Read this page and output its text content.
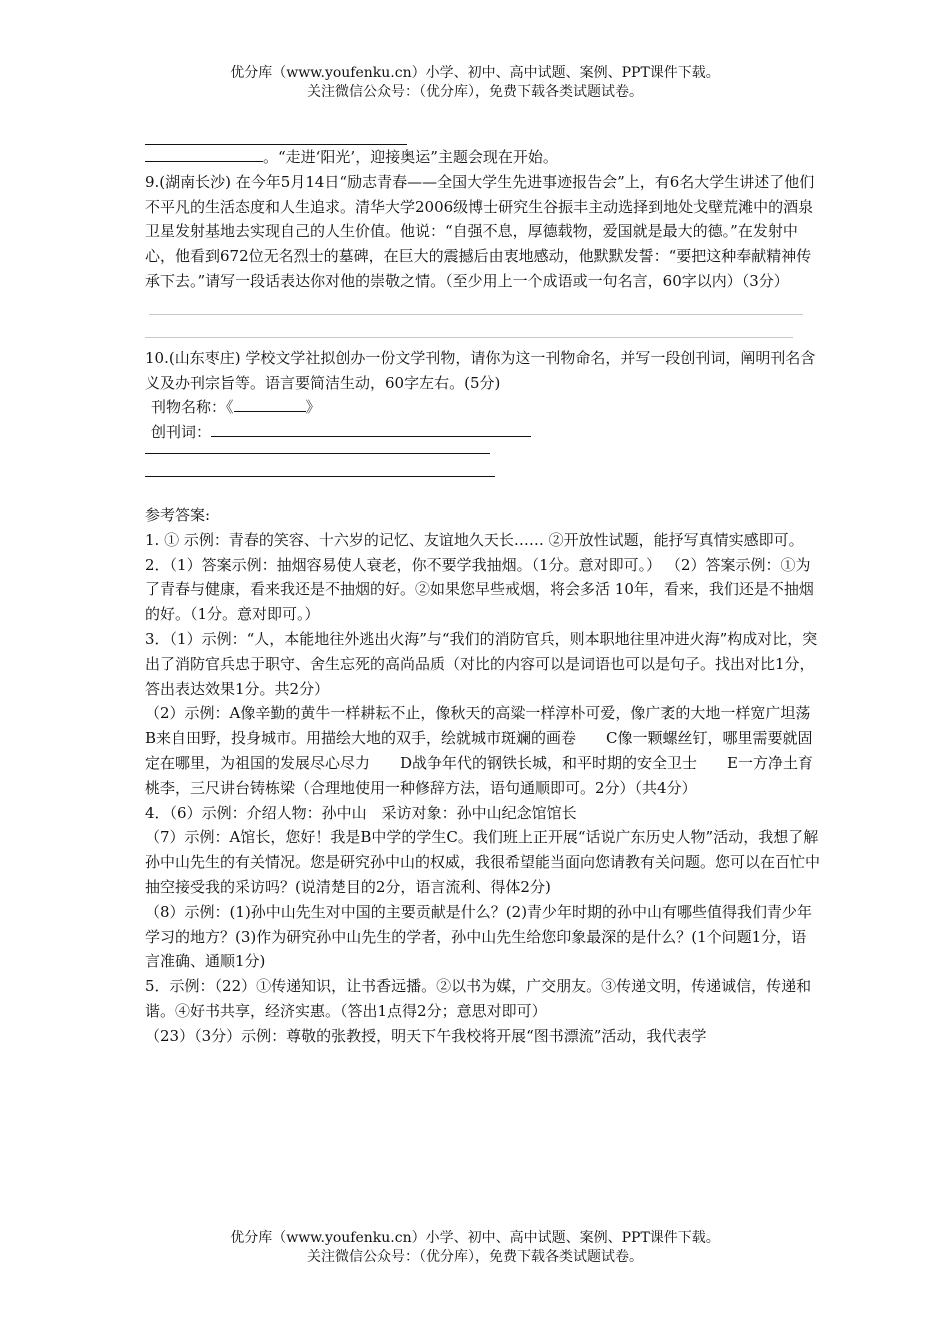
优分库（www.youfenku.cn）小学、初中、高中试题、案例、PPT课件下载。
关注微信公众号：（优分库），免费下载各类试题试卷。

。“走进‘阳光’，迎接奥运”主题会现在开始。

9.(湖南长沙) 在今年5月14日“励志青春——全国大学生先进事迹报告会”上，有6名大学生讲述了他们不平凡的生活态度和人生追求。清华大学2006级博士研究生谷振丰主动选择到地处戈壁荒滩中的酒泉卫星发射基地去实现自己的人生价值。他说：“自强不息，厚德载物，爱国就是最大的德。”在发射中心，他看到672位无名烈士的墓碑，在巨大的震撼后由衷地感动，他默默发誓：“要把这种奉献精神传承下去。”请写一段话表达你对他的崇敬之情。（至少用上一个成语或一句名言，60字以内）（3分）

10.(山东枣庄) 学校文学社拟创办一份文学刊物，请你为这一刊物命名，并写一段创刊词，阐明刊名含义及办刊宗旨等。语言要简洁生动，60字左右。(5分)

刊物名称：《	》

创刊词：

参考答案:

1. ① 示例：青春的笑容、十六岁的记忆、友谊地久天长…… ②开放性试题，能抒写真情实感即可。

2．（1）答案示例：抽烟容易使人衰老，你不要学我抽烟。（1分。意对即可。） （2）答案示例：①为了青春与健康，看来我还是不抽烟的好。②如果您早些戒烟，将会多活 10年，看来，我们还是不抽烟的好。（1分。意对即可。）

3．（1）示例：“人，本能地往外逃出火海”与“我们的消防官兵，则本职地往里冲进火海”构成对比，突出了消防官兵忠于职守、舍生忘死的高尚品质（对比的内容可以是词语也可以是句子。找出对比1分，答出表达效果1分。共2分）

（2）示例：A像辛勤的黄牛一样耕耘不止，像秋天的高粱一样淳朴可爱，像广袤的大地一样宽广坦荡

B来自田野，投身城市。用描绘大地的双手，绘就城市斑斓的画卷　　C像一颗螺丝钉，哪里需要就固定在哪里，为祖国的发展尽心尽力　　D战争年代的钢铁长城，和平时期的安全卫士　　E一方净土育桃李，三尺讲台铸栋梁（合理地使用一种修辞方法，语句通顺即可。2分）（共4分）

4．（6）示例：介绍人物：孙中山　采访对象：孙中山纪念馆馆长

（7）示例：A馆长，您好！我是B中学的学生C。我们班上正开展“话说广东历史人物”活动，我想了解孙中山先生的有关情况。您是研究孙中山的权威，我很希望能当面向您请教有关问题。您可以在百忙中抽空接受我的采访吗？(说清楚目的2分，语言流利、得体2分)

（8）示例：(1)孙中山先生对中国的主要贡献是什么？(2)青少年时期的孙中山有哪些值得我们青少年学习的地方？(3)作为研究孙中山先生的学者，孙中山先生给您印象最深的是什么？(1个问题1分，语言准确、通顺1分)

5．示例：（22）①传递知识，让书香远播。②以书为媒，广交朋友。③传递文明，传递诚信，传递和谐。④好书共享，经济实惠。（答出1点得2分；意思对即可）

（23）（3分）示例：尊敬的张教授，明天下午我校将开展“图书漂流”活动，我代表学

优分库（www.youfenku.cn）小学、初中、高中试题、案例、PPT课件下载。
关注微信公众号：（优分库），免费下载各类试题试卷。
